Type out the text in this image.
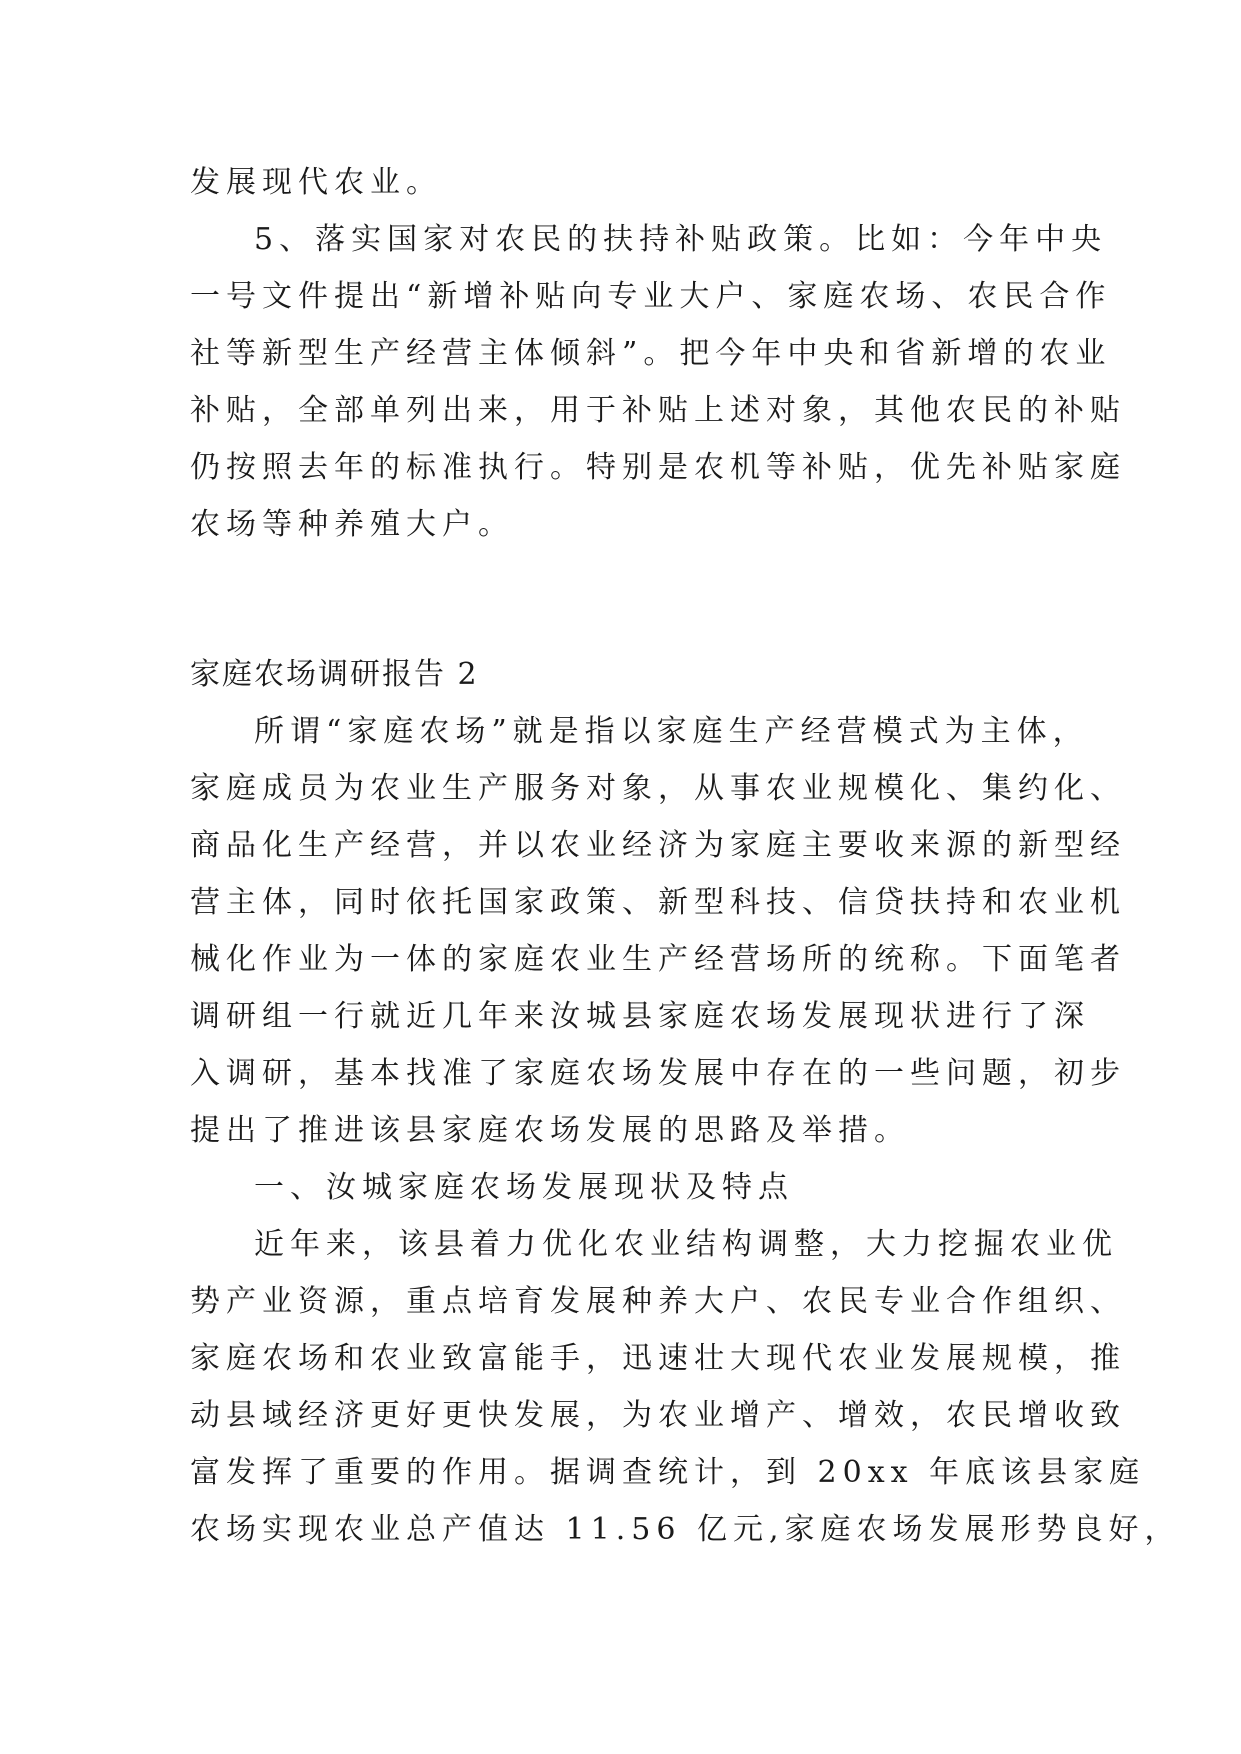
发展现代农业。
5、落实国家对农民的扶持补贴政策。比如：今年中央
一号文件提出“新增补贴向专业大户、家庭农场、农民合作
社等新型生产经营主体倾斜”。把今年中央和省新增的农业
补贴，全部单列出来，用于补贴上述对象，其他农民的补贴
仍按照去年的标准执行。特别是农机等补贴，优先补贴家庭
农场等种养殖大户。
家庭农场调研报告 2
所谓“家庭农场”就是指以家庭生产经营模式为主体，
家庭成员为农业生产服务对象，从事农业规模化、集约化、
商品化生产经营，并以农业经济为家庭主要收来源的新型经
营主体，同时依托国家政策、新型科技、信贷扶持和农业机
械化作业为一体的家庭农业生产经营场所的统称。下面笔者
调研组一行就近几年来汝城县家庭农场发展现状进行了深
入调研，基本找准了家庭农场发展中存在的一些问题，初步
提出了推进该县家庭农场发展的思路及举措。
一、汝城家庭农场发展现状及特点
近年来，该县着力优化农业结构调整，大力挖掘农业优
势产业资源，重点培育发展种养大户、农民专业合作组织、
家庭农场和农业致富能手，迅速壮大现代农业发展规模，推
动县域经济更好更快发展，为农业增产、增效，农民增收致
富发挥了重要的作用。据调查统计，到 20xx 年底该县家庭
农场实现农业总产值达 11.56 亿元,家庭农场发展形势良好，
